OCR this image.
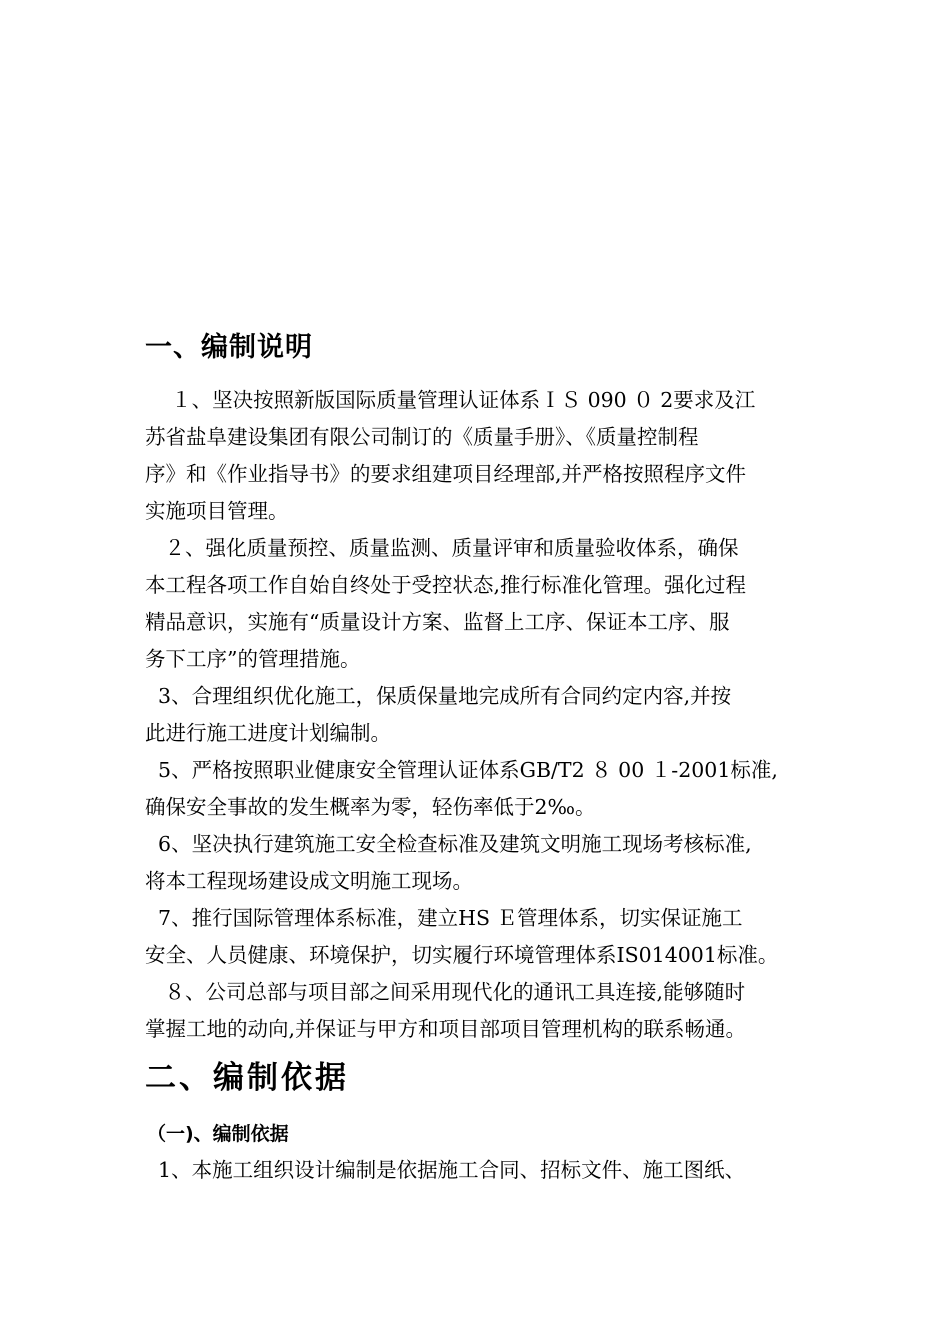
一、编制说明
１、坚决按照新版国际质量管理认证体系ＩＳ 090 ０ 2要求及江
苏省盐阜建设集团有限公司制订的《质量手册》、《质量控制程
序》和《作业指导书》的要求组建项目经理部,并严格按照程序文件
实施项目管理。
２、强化质量预控、质量监测、质量评审和质量验收体系，确保
本工程各项工作自始自终处于受控状态,推行标准化管理。强化过程
精品意识，实施有“质量设计方案、监督上工序、保证本工序、服
务下工序”的管理措施。
3、合理组织优化施工，保质保量地完成所有合同约定内容,并按
此进行施工进度计划编制。
5、严格按照职业健康安全管理认证体系GB/T2 ８ 00 １-2001标准,
确保安全事故的发生概率为零，轻伤率低于2‰。
6、坚决执行建筑施工安全检查标准及建筑文明施工现场考核标准,
将本工程现场建设成文明施工现场。
7、推行国际管理体系标准，建立HS Ｅ管理体系，切实保证施工
安全、人员健康、环境保护，切实履行环境管理体系IS014001标准。
８、公司总部与项目部之间采用现代化的通讯工具连接,能够随时
掌握工地的动向,并保证与甲方和项目部项目管理机构的联系畅通。
二、编制依据
（一)、编制依据
1、本施工组织设计编制是依据施工合同、招标文件、施工图纸、
